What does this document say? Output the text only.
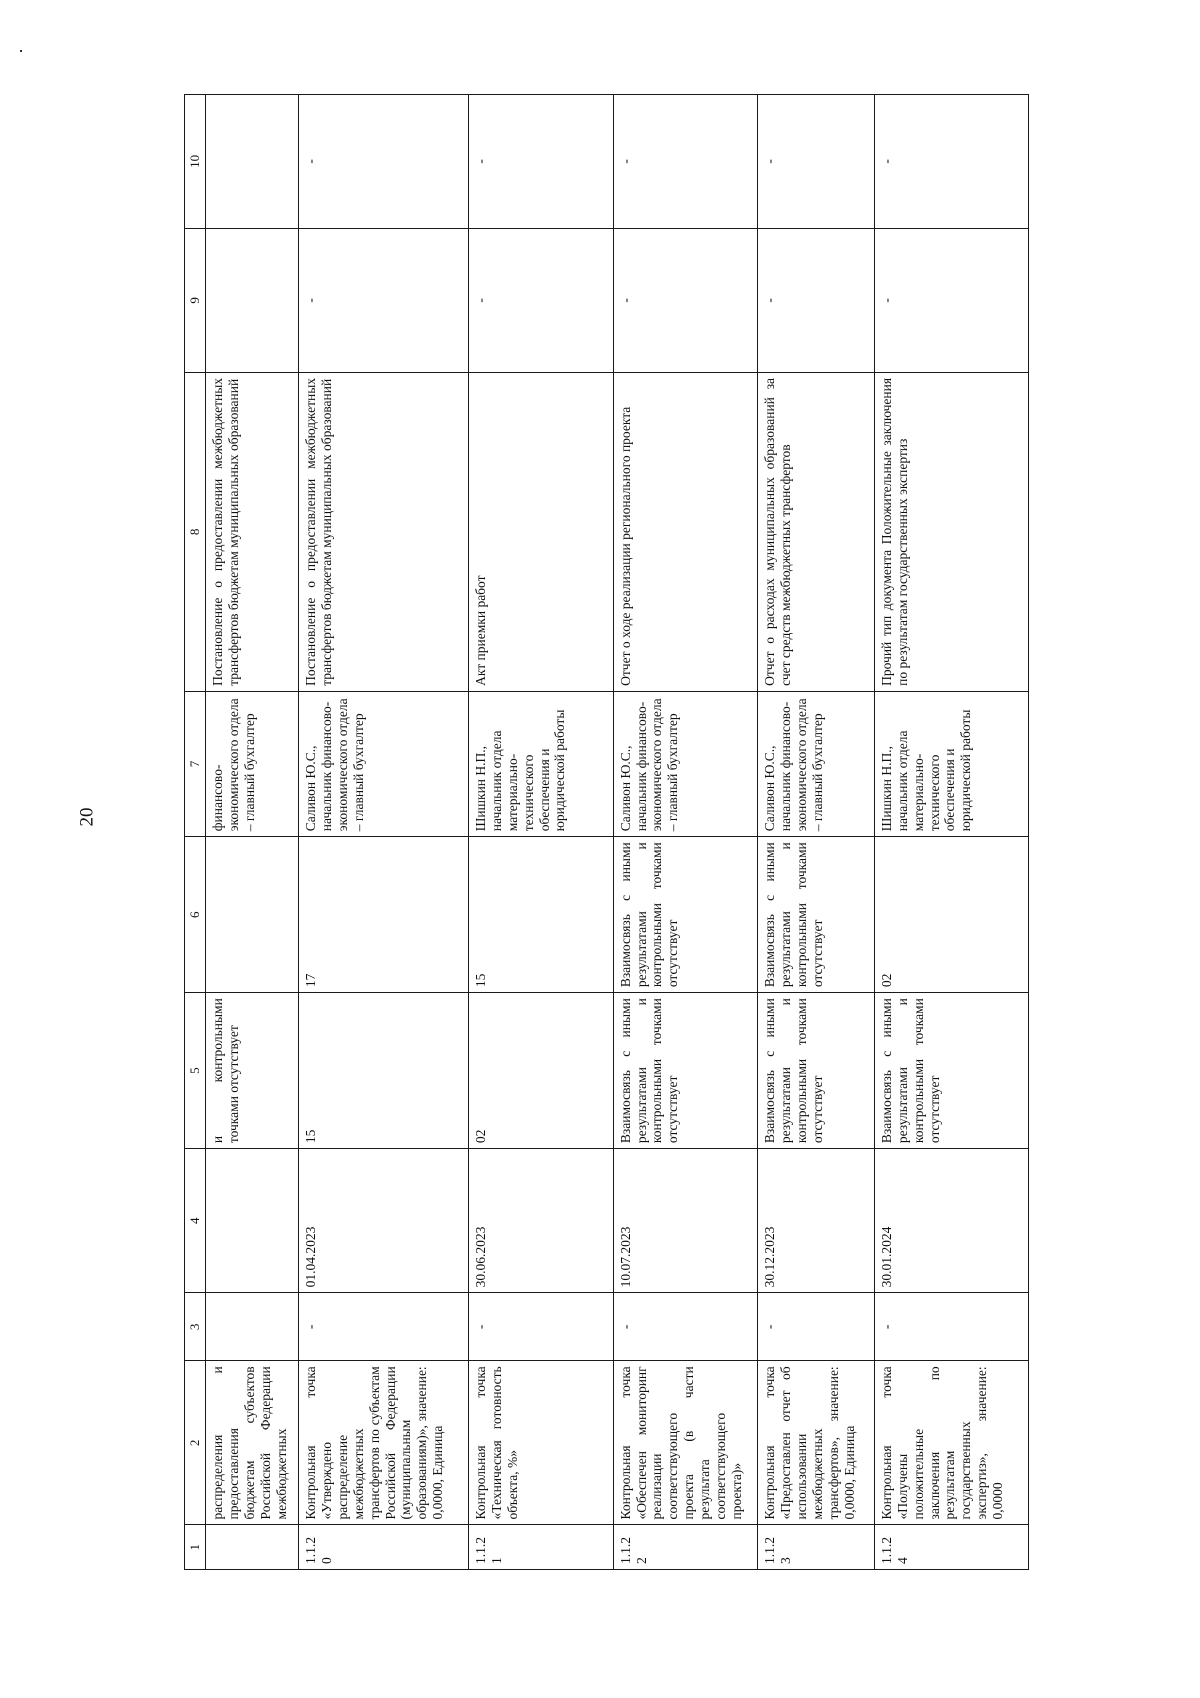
20
1	2	3	4	5	6	7	8	9	10
	распределения и предоставления бюджетам субъектов Российской Федерации межбюджетных			и контрольными точками отсутствует		финансово-экономического отдела – главный бухгалтер	Постановление о предоставлении межбюджетных трансфертов бюджетам муниципальных образований		
1.1.20	Контрольная точка «Утверждено распределение межбюджетных трансфертов по субъектам Российской Федерации (муниципальным образованиям)», значение: 0,0000, Единица	-	01.04.2023	15	17	Саливон Ю.С., начальник финансово-экономического отдела – главный бухгалтер	Постановление о предоставлении межбюджетных трансфертов бюджетам муниципальных образований	-	-
1.1.21	Контрольная точка «Техническая готовность объекта, %»	-	30.06.2023	02	15	Шишкин Н.П., начальник отдела материально-технического обеспечения и юридической работы	Акт приемки работ	-	-
1.1.22	Контрольная точка «Обеспечен мониторинг реализации соответствующего проекта (в части результата соответствующего проекта)»	-	10.07.2023	Взаимосвязь с иными результатами и контрольными точками отсутствует	Взаимосвязь с иными результатами и контрольными точками отсутствует	Саливон Ю.С., начальник финансово-экономического отдела – главный бухгалтер	Отчет о ходе реализации регионального проекта	-	-
1.1.23	Контрольная точка «Предоставлен отчет об использовании межбюджетных трансфертов», значение: 0,0000, Единица	-	30.12.2023	Взаимосвязь с иными результатами и контрольными точками отсутствует	Взаимосвязь с иными результатами и контрольными точками отсутствует	Саливон Ю.С., начальник финансово-экономического отдела – главный бухгалтер	Отчет о расходах муниципальных образований за счет средств межбюджетных трансфертов	-	-
1.1.24	Контрольная точка «Получены положительные заключения по результатам государственных экспертиз», значение: 0,0000	-	30.01.2024	Взаимосвязь с иными результатами и контрольными точками отсутствует	02	Шишкин Н.П., начальник отдела материально-технического обеспечения и юридической работы	Прочий тип документа Положительные заключения по результатам государственных экспертиз	-	-
